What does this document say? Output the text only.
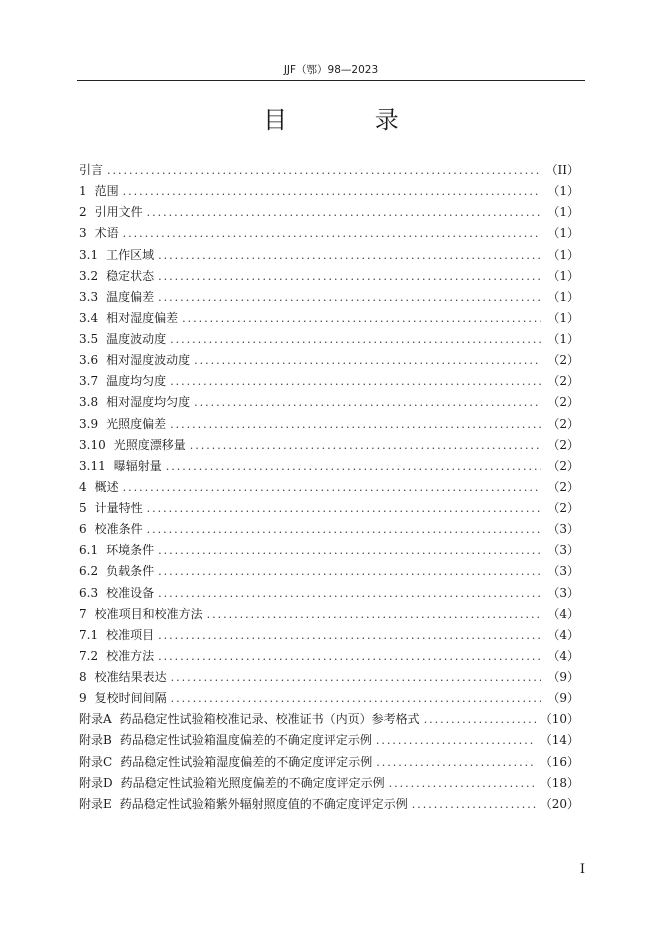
JJF（鄂）98—2023
目 录
引言 .....	（II）
1 范围 .....	（1）
2 引用文件 .....	（1）
3 术语 .....	（1）
3.1 工作区域 .....	（1）
3.2 稳定状态 .....	（1）
3.3 温度偏差 .....	（1）
3.4 相对湿度偏差 .....	（1）
3.5 温度波动度 .....	（1）
3.6 相对湿度波动度 .....	（2）
3.7 温度均匀度 .....	（2）
3.8 相对湿度均匀度 .....	（2）
3.9 光照度偏差 .....	（2）
3.10 光照度漂移量 .....	（2）
3.11 曝辐射量 .....	（2）
4 概述 .....	（2）
5 计量特性 .....	（2）
6 校准条件 .....	（3）
6.1 环境条件 .....	（3）
6.2 负载条件 .....	（3）
6.3 校准设备 .....	（3）
7 校准项目和校准方法 .....	（4）
7.1 校准项目 .....	（4）
7.2 校准方法 .....	（4）
8 校准结果表达 .....	（9）
9 复校时间间隔 .....	（9）
附录A 药品稳定性试验箱校准记录、校准证书（内页）参考格式 .....	（10）
附录B 药品稳定性试验箱温度偏差的不确定度评定示例 .....	（14）
附录C 药品稳定性试验箱湿度偏差的不确定度评定示例 .....	（16）
附录D 药品稳定性试验箱光照度偏差的不确定度评定示例 .....	（18）
附录E 药品稳定性试验箱紫外辐射照度值的不确定度评定示例 .....	（20）
I
